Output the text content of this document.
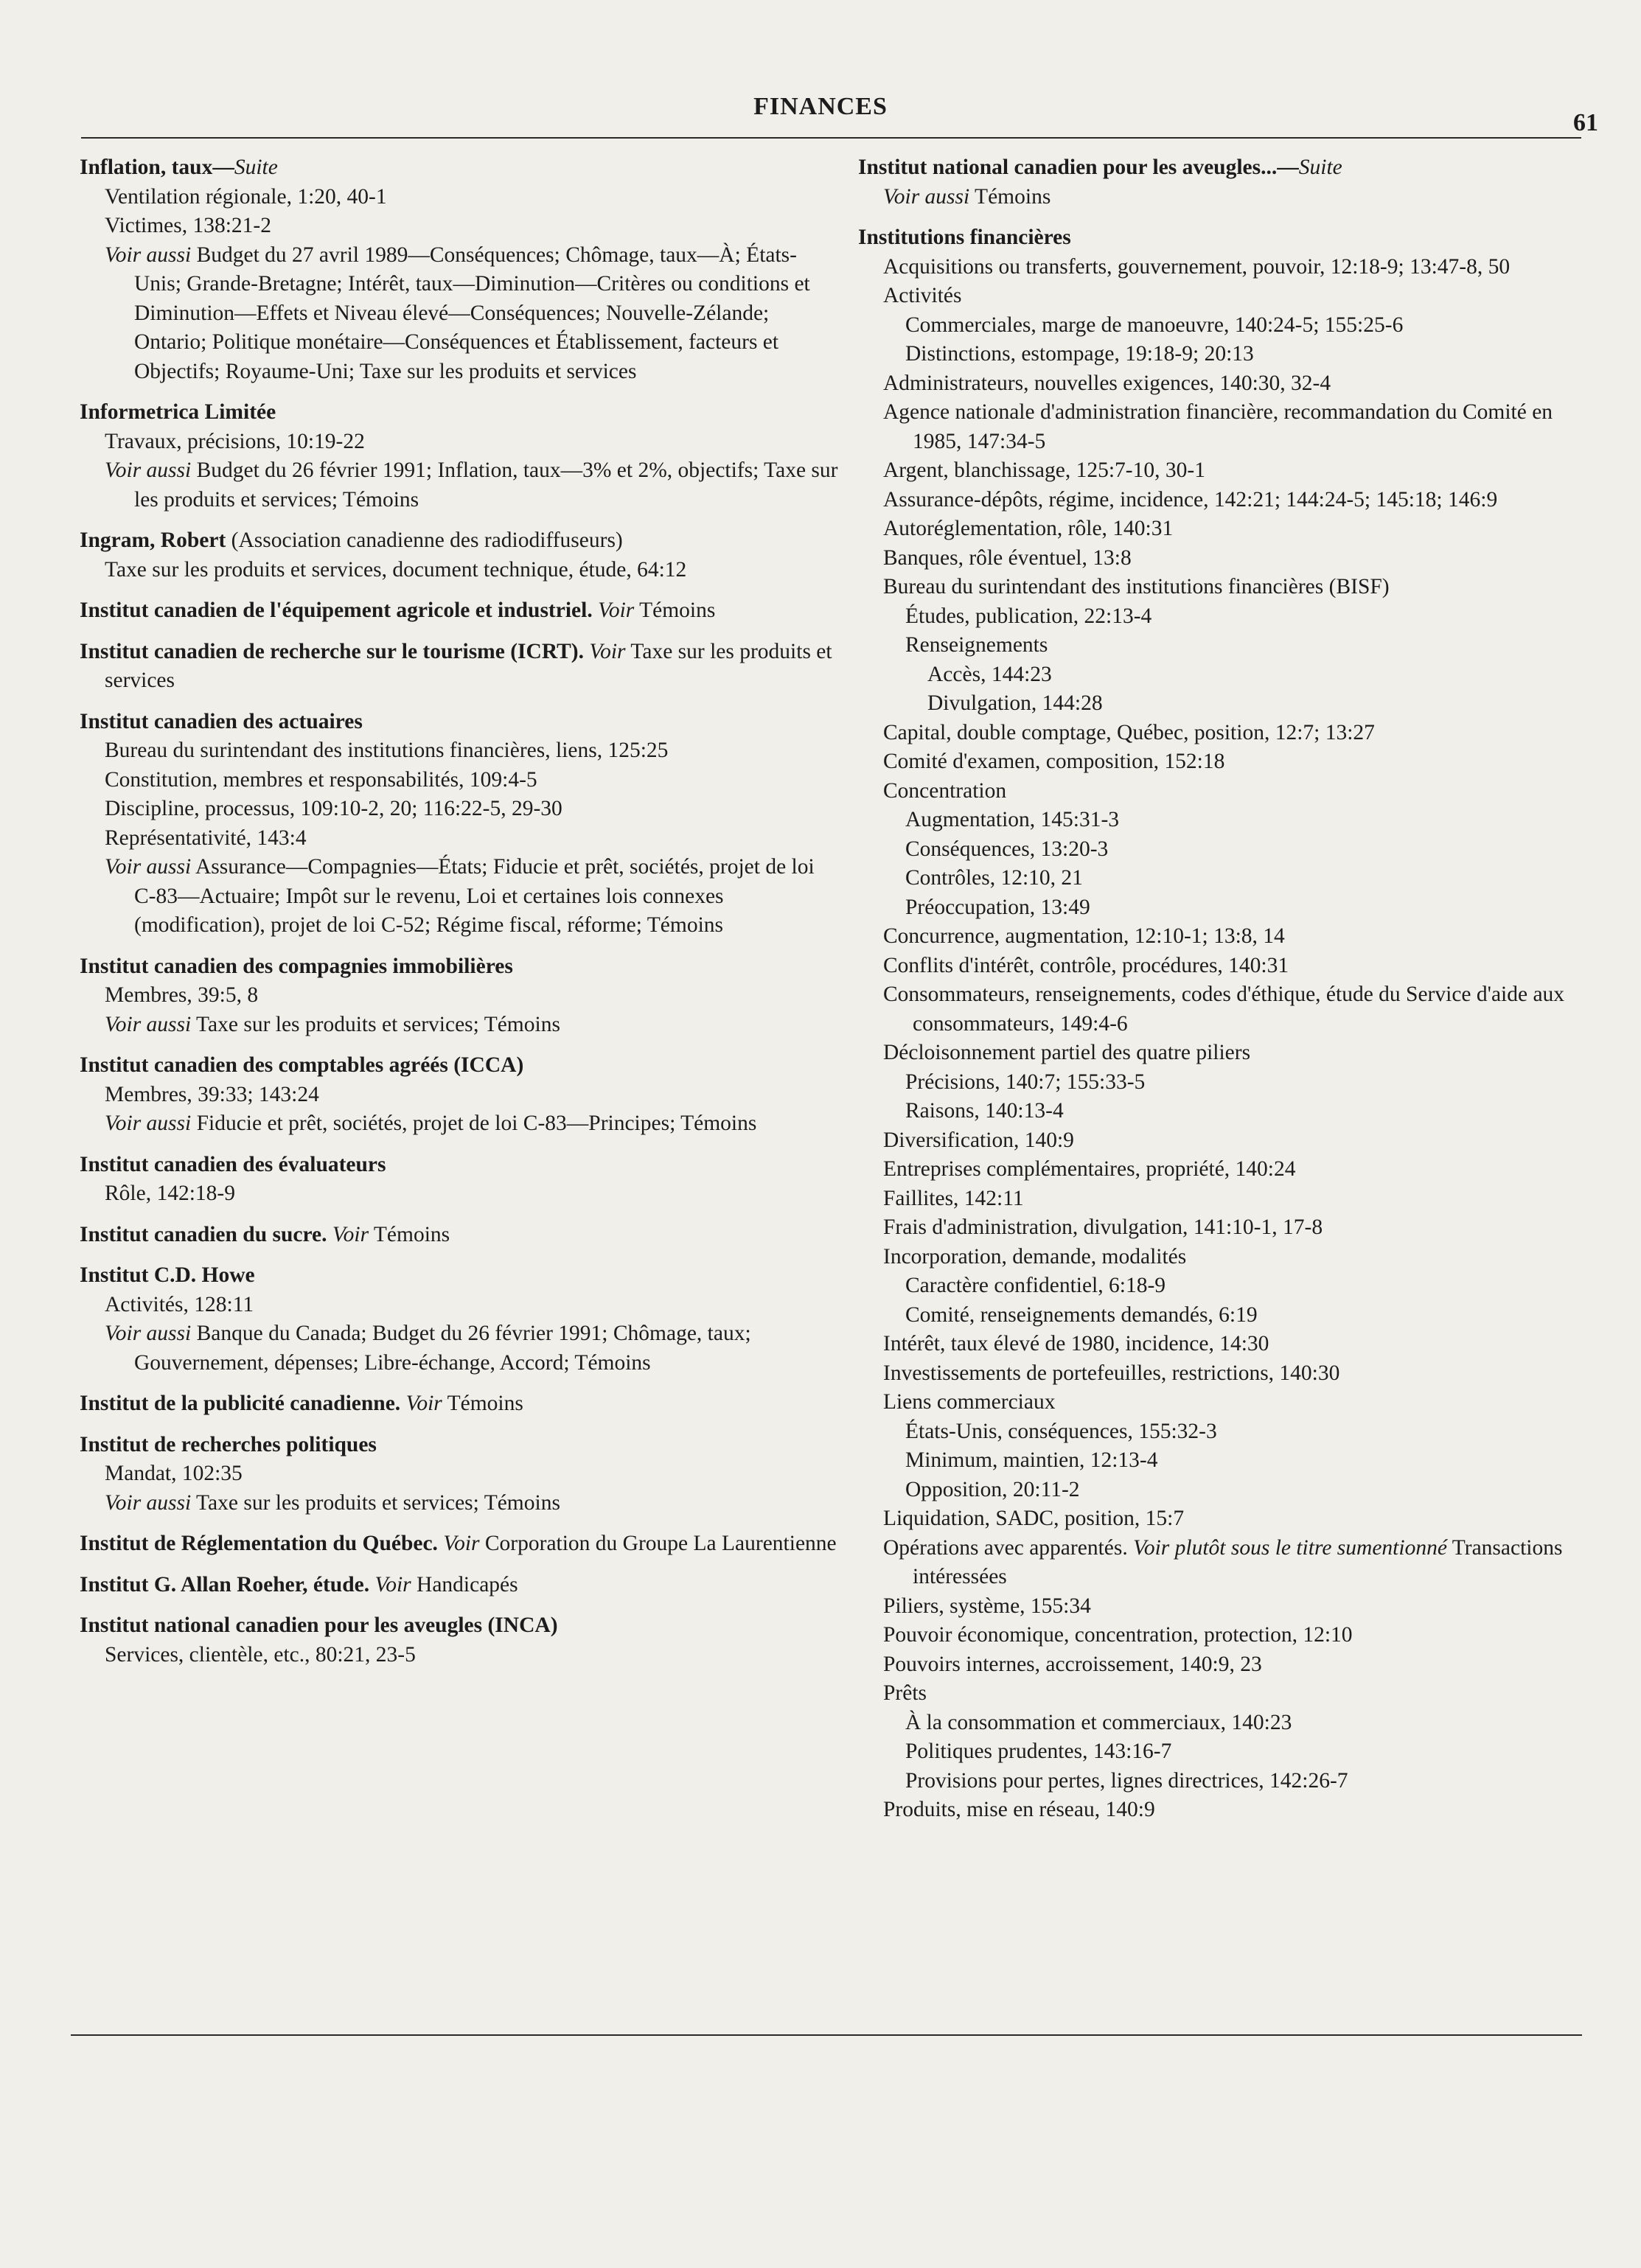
FINANCES
61
Inflation, taux—Suite
Ventilation régionale, 1:20, 40-1
Victimes, 138:21-2
Voir aussi Budget du 27 avril 1989—Conséquences; Chômage, taux—À; États-Unis; Grande-Bretagne; Intérêt, taux—Diminution—Critères ou conditions et Diminution—Effets et Niveau élevé—Conséquences; Nouvelle-Zélande; Ontario; Politique monétaire—Conséquences et Établissement, facteurs et Objectifs; Royaume-Uni; Taxe sur les produits et services
Informetrica Limitée
Travaux, précisions, 10:19-22
Voir aussi Budget du 26 février 1991; Inflation, taux—3% et 2%, objectifs; Taxe sur les produits et services; Témoins
Ingram, Robert (Association canadienne des radiodiffuseurs)
Taxe sur les produits et services, document technique, étude, 64:12
Institut canadien de l'équipement agricole et industriel. Voir Témoins
Institut canadien de recherche sur le tourisme (ICRT). Voir Taxe sur les produits et services
Institut canadien des actuaires
Bureau du surintendant des institutions financières, liens, 125:25
Constitution, membres et responsabilités, 109:4-5
Discipline, processus, 109:10-2, 20; 116:22-5, 29-30
Représentativité, 143:4
Voir aussi Assurance—Compagnies—États; Fiducie et prêt, sociétés, projet de loi C-83—Actuaire; Impôt sur le revenu, Loi et certaines lois connexes (modification), projet de loi C-52; Régime fiscal, réforme; Témoins
Institut canadien des compagnies immobilières
Membres, 39:5, 8
Voir aussi Taxe sur les produits et services; Témoins
Institut canadien des comptables agréés (ICCA)
Membres, 39:33; 143:24
Voir aussi Fiducie et prêt, sociétés, projet de loi C-83—Principes; Témoins
Institut canadien des évaluateurs
Rôle, 142:18-9
Institut canadien du sucre. Voir Témoins
Institut C.D. Howe
Activités, 128:11
Voir aussi Banque du Canada; Budget du 26 février 1991; Chômage, taux; Gouvernement, dépenses; Libre-échange, Accord; Témoins
Institut de la publicité canadienne. Voir Témoins
Institut de recherches politiques
Mandat, 102:35
Voir aussi Taxe sur les produits et services; Témoins
Institut de Réglementation du Québec. Voir Corporation du Groupe La Laurentienne
Institut G. Allan Roeher, étude. Voir Handicapés
Institut national canadien pour les aveugles (INCA)
Services, clientèle, etc., 80:21, 23-5
Institut national canadien pour les aveugles...—Suite
Voir aussi Témoins
Institutions financières
Acquisitions ou transferts, gouvernement, pouvoir, 12:18-9; 13:47-8, 50
Activités
Commerciales, marge de manoeuvre, 140:24-5; 155:25-6
Distinctions, estompage, 19:18-9; 20:13
Administrateurs, nouvelles exigences, 140:30, 32-4
Agence nationale d'administration financière, recommandation du Comité en 1985, 147:34-5
Argent, blanchissage, 125:7-10, 30-1
Assurance-dépôts, régime, incidence, 142:21; 144:24-5; 145:18; 146:9
Autoréglementation, rôle, 140:31
Banques, rôle éventuel, 13:8
Bureau du surintendant des institutions financières (BISF)
Études, publication, 22:13-4
Renseignements
Accès, 144:23
Divulgation, 144:28
Capital, double comptage, Québec, position, 12:7; 13:27
Comité d'examen, composition, 152:18
Concentration
Augmentation, 145:31-3
Conséquences, 13:20-3
Contrôles, 12:10, 21
Préoccupation, 13:49
Concurrence, augmentation, 12:10-1; 13:8, 14
Conflits d'intérêt, contrôle, procédures, 140:31
Consommateurs, renseignements, codes d'éthique, étude du Service d'aide aux consommateurs, 149:4-6
Décloisonnement partiel des quatre piliers
Précisions, 140:7; 155:33-5
Raisons, 140:13-4
Diversification, 140:9
Entreprises complémentaires, propriété, 140:24
Faillites, 142:11
Frais d'administration, divulgation, 141:10-1, 17-8
Incorporation, demande, modalités
Caractère confidentiel, 6:18-9
Comité, renseignements demandés, 6:19
Intérêt, taux élevé de 1980, incidence, 14:30
Investissements de portefeuilles, restrictions, 140:30
Liens commerciaux
États-Unis, conséquences, 155:32-3
Minimum, maintien, 12:13-4
Opposition, 20:11-2
Liquidation, SADC, position, 15:7
Opérations avec apparentés. Voir plutôt sous le titre sumentionné Transactions intéressées
Piliers, système, 155:34
Pouvoir économique, concentration, protection, 12:10
Pouvoirs internes, accroissement, 140:9, 23
Prêts
À la consommation et commerciaux, 140:23
Politiques prudentes, 143:16-7
Provisions pour pertes, lignes directrices, 142:26-7
Produits, mise en réseau, 140:9
